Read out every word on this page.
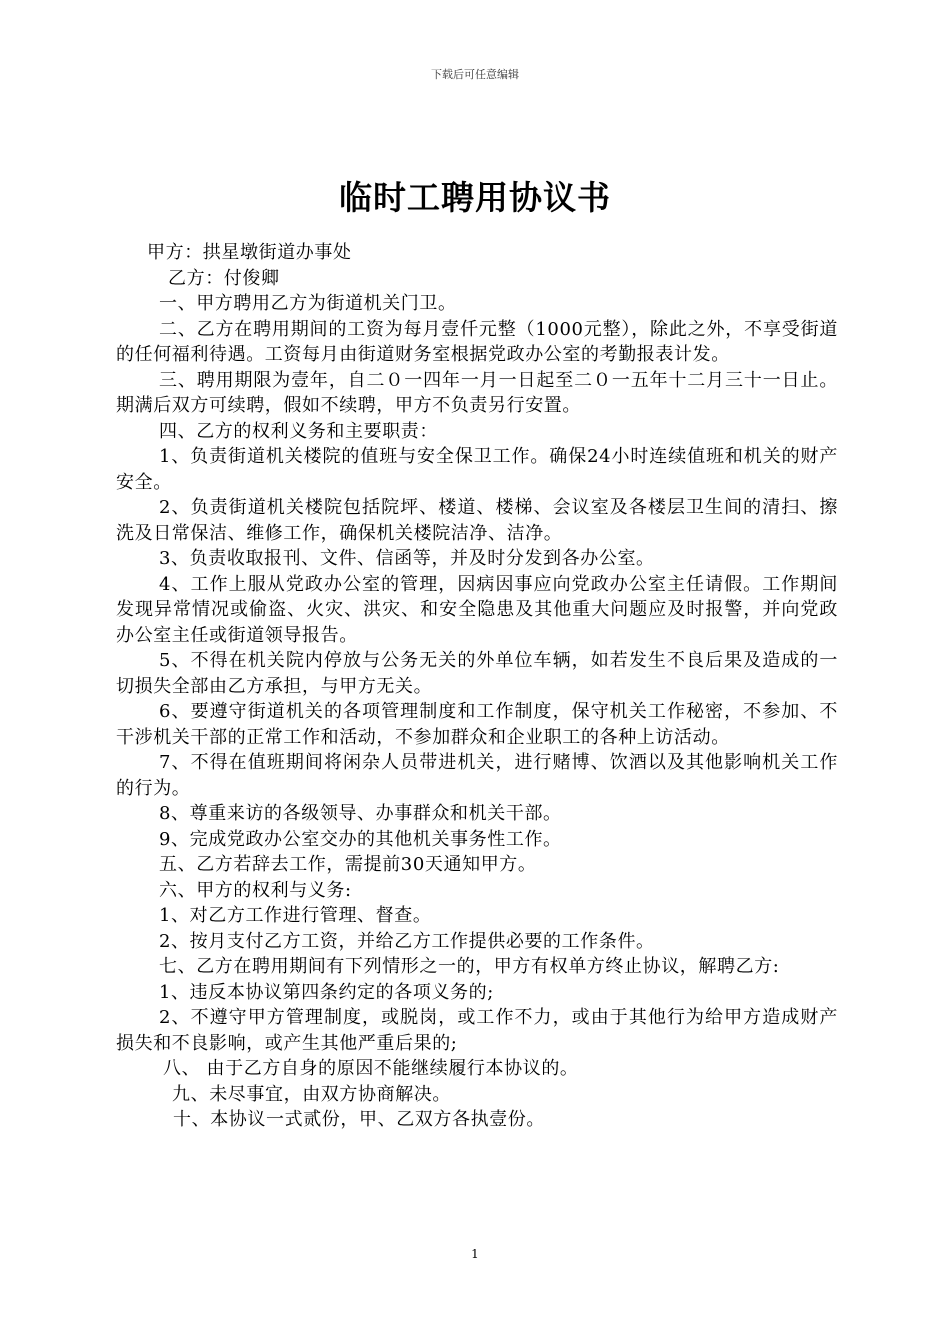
下载后可任意编辑
临时工聘用协议书

甲方：拱星墩街道办事处

乙方：付俊卿

一、甲方聘用乙方为街道机关门卫。

二、乙方在聘用期间的工资为每月壹仟元整（1000元整），除此之外，不享受街道的任何福利待遇。工资每月由街道财务室根据党政办公室的考勤报表计发。

三、聘用期限为壹年，自二０一四年一月一日起至二０一五年十二月三十一日止。期满后双方可续聘，假如不续聘，甲方不负责另行安置。

四、乙方的权利义务和主要职责：

1、负责街道机关楼院的值班与安全保卫工作。确保24小时连续值班和机关的财产安全。

2、负责街道机关楼院包括院坪、楼道、楼梯、会议室及各楼层卫生间的清扫、擦洗及日常保洁、维修工作，确保机关楼院洁净、洁净。

3、负责收取报刊、文件、信函等，并及时分发到各办公室。

4、工作上服从党政办公室的管理，因病因事应向党政办公室主任请假。工作期间发现异常情况或偷盗、火灾、洪灾、和安全隐患及其他重大问题应及时报警，并向党政办公室主任或街道领导报告。

5、不得在机关院内停放与公务无关的外单位车辆，如若发生不良后果及造成的一切损失全部由乙方承担，与甲方无关。

6、要遵守街道机关的各项管理制度和工作制度，保守机关工作秘密，不参加、不干涉机关干部的正常工作和活动，不参加群众和企业职工的各种上访活动。

7、不得在值班期间将闲杂人员带进机关，进行赌博、饮酒以及其他影响机关工作的行为。

8、尊重来访的各级领导、办事群众和机关干部。

9、完成党政办公室交办的其他机关事务性工作。

五、乙方若辞去工作，需提前30天通知甲方。

六、甲方的权利与义务:

1、对乙方工作进行管理、督查。

2、按月支付乙方工资，并给乙方工作提供必要的工作条件。

七、乙方在聘用期间有下列情形之一的，甲方有权单方终止协议，解聘乙方:

1、违反本协议第四条约定的各项义务的;

2、不遵守甲方管理制度，或脱岗，或工作不力，或由于其他行为给甲方造成财产损失和不良影响，或产生其他严重后果的;

八、 由于乙方自身的原因不能继续履行本协议的。

九、未尽事宜，由双方协商解决。

十、本协议一式贰份，甲、乙双方各执壹份。

1
